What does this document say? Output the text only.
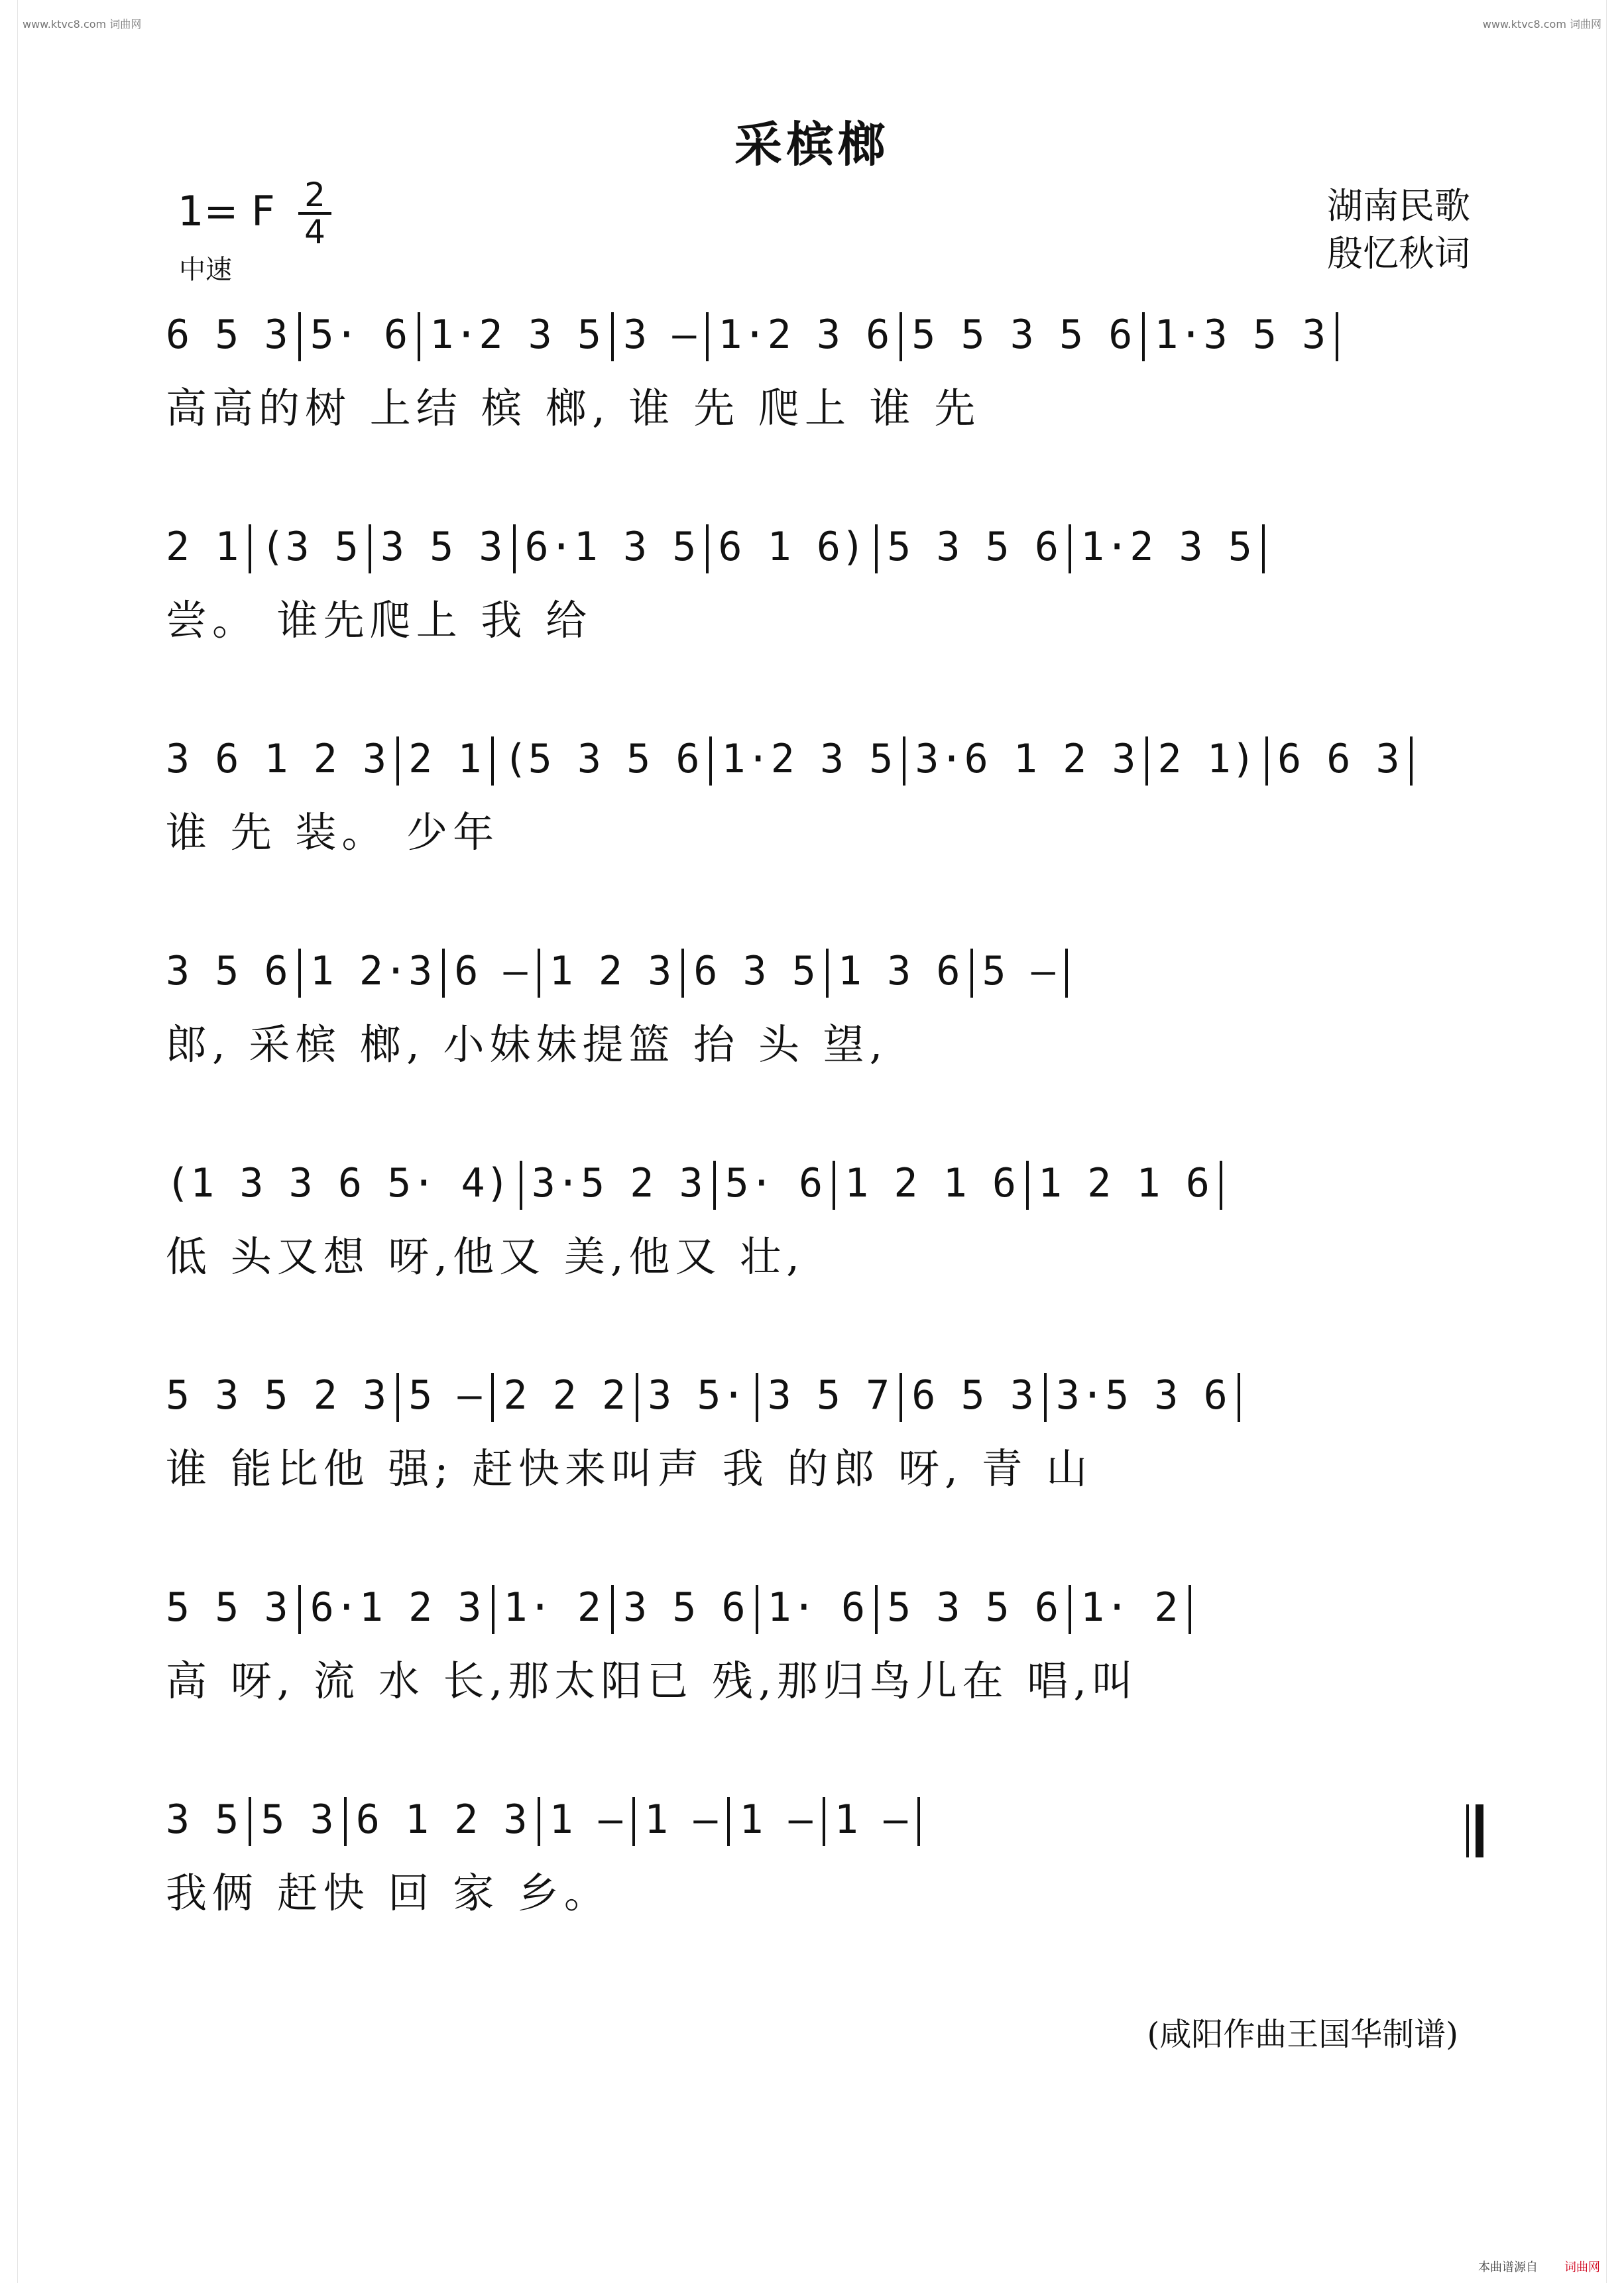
www.ktvc8.com 词曲网	www.ktvc8.com 词曲网
采槟榔
1= F 2
4
中速
湖南民歌
殷忆秋词
6 5 3 5· 6 1·2 3 5 3 – 1·2 3 6 5 5 3 5 6 1·3 5 3
高高的树 上结 槟 榔, 谁 先 爬上 谁 先
2 1 (3 5 3 5 3 6·1 3 5 6 1 6) 5 3 5 6 1·2 3 5
尝。 谁先爬上 我 给
3 6 1 2 3 2 1 (5 3 5 6 1·2 3 5 3·6 1 2 3 2 1) 6 6 3
谁 先 装。 少年
3 5 6 1 2·3 6 – 1 2 3 6 3 5 1 3 6 5 –
郎, 采槟 榔, 小妹妹提篮 抬 头 望,
(1 3 3 6 5· 4) 3·5 2 3 5· 6 1 2 1 6 1 2 1 6
低 头又想 呀,他又 美,他又 壮,
5 3 5 2 3 5 – 2 2 2 3 5· 3 5 7 6 5 3 3·5 3 6
谁 能比他 强; 赶快来叫声 我 的郎 呀, 青 山
5 5 3 6·1 2 3 1· 2 3 5 6 1· 6 5 3 5 6 1· 2
高 呀, 流 水 长,那太阳已 残,那归鸟儿在 唱,叫
3 5 5 3 6 1 2 3 1 – 1 – 1 – 1 –
我俩 赶快 回 家 乡。
(咸阳作曲王国华制谱)
本曲谱源自 词曲网
